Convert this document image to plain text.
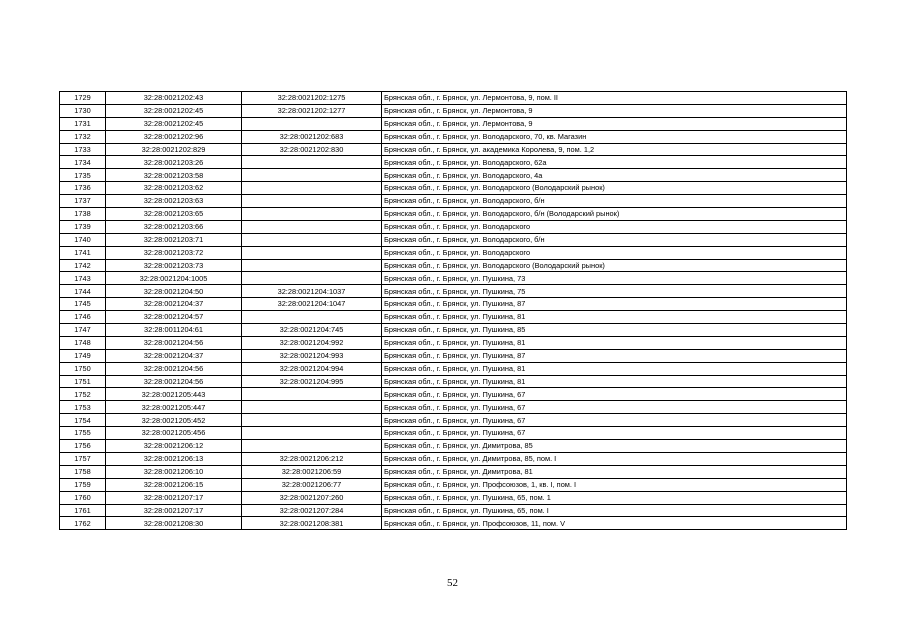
1729	32:28:0021202:43	32:28:0021202:1275	Брянская обл., г. Брянск, ул. Лермонтова, 9, пом. II
1730	32:28:0021202:45	32:28:0021202:1277	Брянская обл., г. Брянск, ул. Лермонтова, 9
1731	32:28:0021202:45		Брянская обл., г. Брянск, ул. Лермонтова, 9
1732	32:28:0021202:96	32:28:0021202:683	Брянская обл., г. Брянск, ул. Володарского, 70, кв. Магазин
1733	32:28:0021202:829	32:28:0021202:830	Брянская обл., г. Брянск, ул. академика Королева, 9, пом. 1,2
1734	32:28:0021203:26		Брянская обл., г. Брянск, ул. Володарского, 62а
1735	32:28:0021203:58		Брянская обл., г. Брянск, ул. Володарского, 4а
1736	32:28:0021203:62		Брянская обл., г. Брянск, ул. Володарского (Володарский рынок)
1737	32:28:0021203:63		Брянская обл., г. Брянск, ул. Володарского, б/н
1738	32:28:0021203:65		Брянская обл., г. Брянск, ул. Володарского, б/н (Володарский рынок)
1739	32:28:0021203:66		Брянская обл., г. Брянск, ул. Володарского
1740	32:28:0021203:71		Брянская обл., г. Брянск, ул. Володарского, б/н
1741	32:28:0021203:72		Брянская обл., г. Брянск, ул. Володарского
1742	32:28:0021203:73		Брянская обл., г. Брянск, ул. Володарского (Володарский рынок)
1743	32:28:0021204:1005		Брянская обл., г. Брянск, ул. Пушкина, 73
1744	32:28:0021204:50	32:28:0021204:1037	Брянская обл., г. Брянск, ул. Пушкина, 75
1745	32:28:0021204:37	32:28:0021204:1047	Брянская обл., г. Брянск, ул. Пушкина, 87
1746	32:28:0021204:57		Брянская обл., г. Брянск, ул. Пушкина, 81
1747	32:28:0011204:61	32:28:0021204:745	Брянская обл., г. Брянск, ул. Пушкина, 85
1748	32:28:0021204:56	32:28:0021204:992	Брянская обл., г. Брянск, ул. Пушкина, 81
1749	32:28:0021204:37	32:28:0021204:993	Брянская обл., г. Брянск, ул. Пушкина, 87
1750	32:28:0021204:56	32:28:0021204:994	Брянская обл., г. Брянск, ул. Пушкина, 81
1751	32:28:0021204:56	32:28:0021204:995	Брянская обл., г. Брянск, ул. Пушкина, 81
1752	32:28:0021205:443		Брянская обл., г. Брянск, ул. Пушкина, 67
1753	32:28:0021205:447		Брянская обл., г. Брянск, ул. Пушкина, 67
1754	32:28:0021205:452		Брянская обл., г. Брянск, ул. Пушкина, 67
1755	32:28:0021205:456		Брянская обл., г. Брянск, ул. Пушкина, 67
1756	32:28:0021206:12		Брянская обл., г. Брянск, ул. Димитрова, 85
1757	32:28:0021206:13	32:28:0021206:212	Брянская обл., г. Брянск, ул. Димитрова, 85, пом. I
1758	32:28:0021206:10	32:28:0021206:59	Брянская обл., г. Брянск, ул. Димитрова, 81
1759	32:28:0021206:15	32:28:0021206:77	Брянская обл., г. Брянск, ул. Профсоюзов, 1, кв. I, пом. I
1760	32:28:0021207:17	32:28:0021207:260	Брянская обл., г. Брянск, ул. Пушкина, 65, пом. 1
1761	32:28:0021207:17	32:28:0021207:284	Брянская обл., г. Брянск, ул. Пушкина, 65, пом. I
1762	32:28:0021208:30	32:28:0021208:381	Брянская обл., г. Брянск, ул. Профсоюзов, 11, пом. V
52
